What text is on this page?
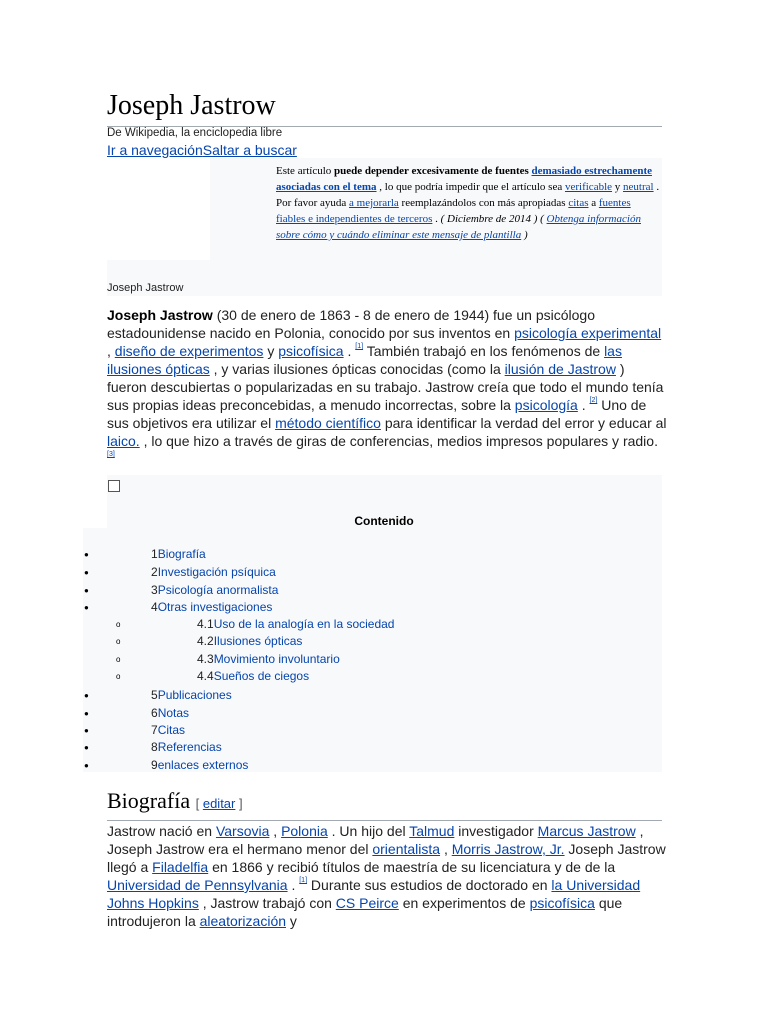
Joseph Jastrow
De Wikipedia, la enciclopedia libre
Ir a navegaciónSaltar a buscar
Este artículo puede depender excesivamente de fuentes demasiado estrechamente asociadas con el tema , lo que podría impedir que el artículo sea verificable y neutral . Por favor ayuda a mejorarla reemplazándolos con más apropiadas citas a fuentes fiables e independientes de terceros . ( Diciembre de 2014 ) ( Obtenga información sobre cómo y cuándo eliminar este mensaje de plantilla )
Joseph Jastrow
Joseph Jastrow (30 de enero de 1863 - 8 de enero de 1944) fue un psicólogo estadounidense nacido en Polonia, conocido por sus inventos en psicología experimental , diseño de experimentos y psicofísica . [1] También trabajó en los fenómenos de las ilusiones ópticas , y varias ilusiones ópticas conocidas (como la ilusión de Jastrow ) fueron descubiertas o popularizadas en su trabajo. Jastrow creía que todo el mundo tenía sus propias ideas preconcebidas, a menudo incorrectas, sobre la psicología . [2] Uno de sus objetivos era utilizar el método científico para identificar la verdad del error y educar al laico. , lo que hizo a través de giras de conferencias, medios impresos populares y radio. [3]
Contenido
●	1Biografía
●	2Investigación psíquica
●	3Psicología anormalista
●	4Otras investigaciones
o	4.1Uso de la analogía en la sociedad
o	4.2Ilusiones ópticas
o	4.3Movimiento involuntario
o	4.4Sueños de ciegos
●	5Publicaciones
●	6Notas
●	7Citas
●	8Referencias
●	9enlaces externos
Biografía [ editar ]
Jastrow nació en Varsovia , Polonia . Un hijo del Talmud investigador Marcus Jastrow , Joseph Jastrow era el hermano menor del orientalista , Morris Jastrow, Jr. Joseph Jastrow llegó a Filadelfia en 1866 y recibió títulos de maestría de su licenciatura y de de la Universidad de Pennsylvania . [1] Durante sus estudios de doctorado en la Universidad Johns Hopkins , Jastrow trabajó con CS Peirce en experimentos de psicofísica que introdujeron la aleatorización y
